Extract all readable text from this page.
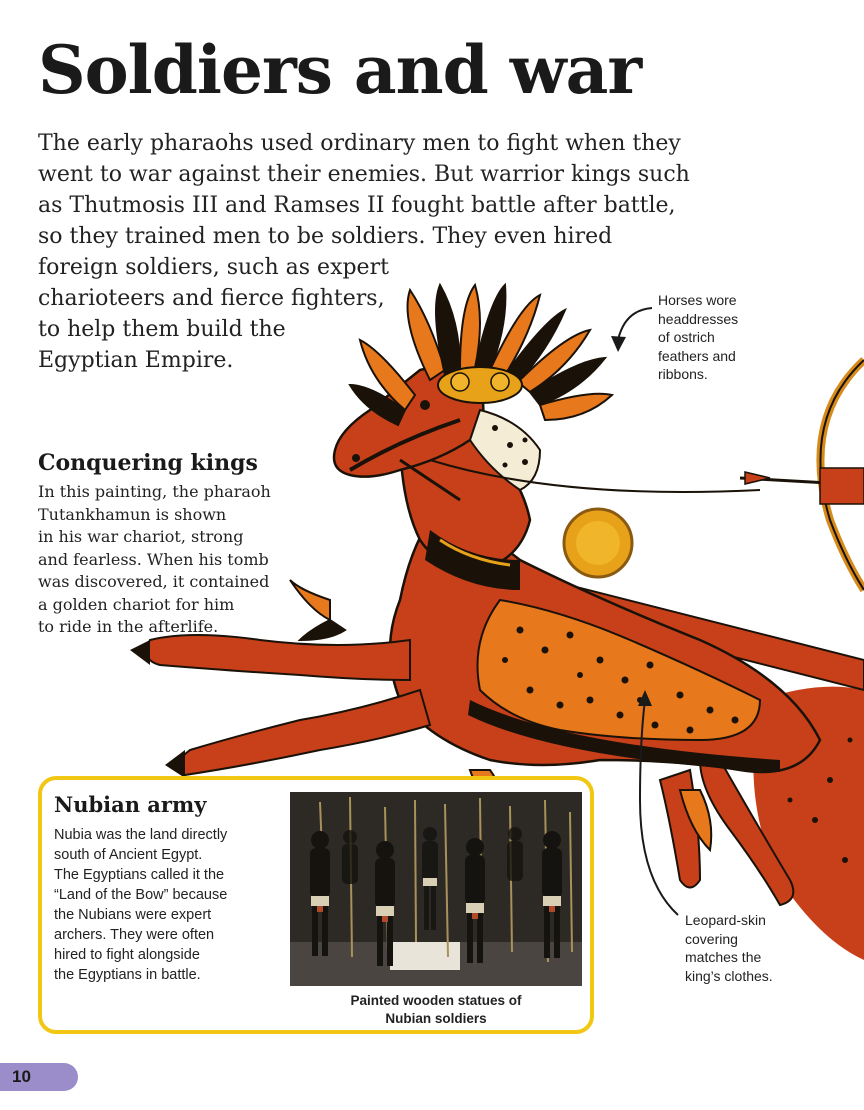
Soldiers and war
The early pharaohs used ordinary men to fight when they
went to war against their enemies. But warrior kings such
as Thutmosis III and Ramses II fought battle after battle,
so they trained men to be soldiers. They even hired
foreign soldiers, such as expert
charioteers and fierce fighters,
to help them build the
Egyptian Empire.
Horses wore
headdresses
of ostrich
feathers and
ribbons.
Conquering kings
In this painting, the pharaoh
Tutankhamun is shown
in his war chariot, strong
and fearless. When his tomb
was discovered, it contained
a golden chariot for him
to ride in the afterlife.
Nubian army
Nubia was the land directly
south of Ancient Egypt.
The Egyptians called it the
“Land of the Bow” because
the Nubians were expert
archers. They were often
hired to fight alongside
the Egyptians in battle.
Painted wooden statues of
Nubian soldiers
Leopard-skin
covering
matches the
king’s clothes.
10
